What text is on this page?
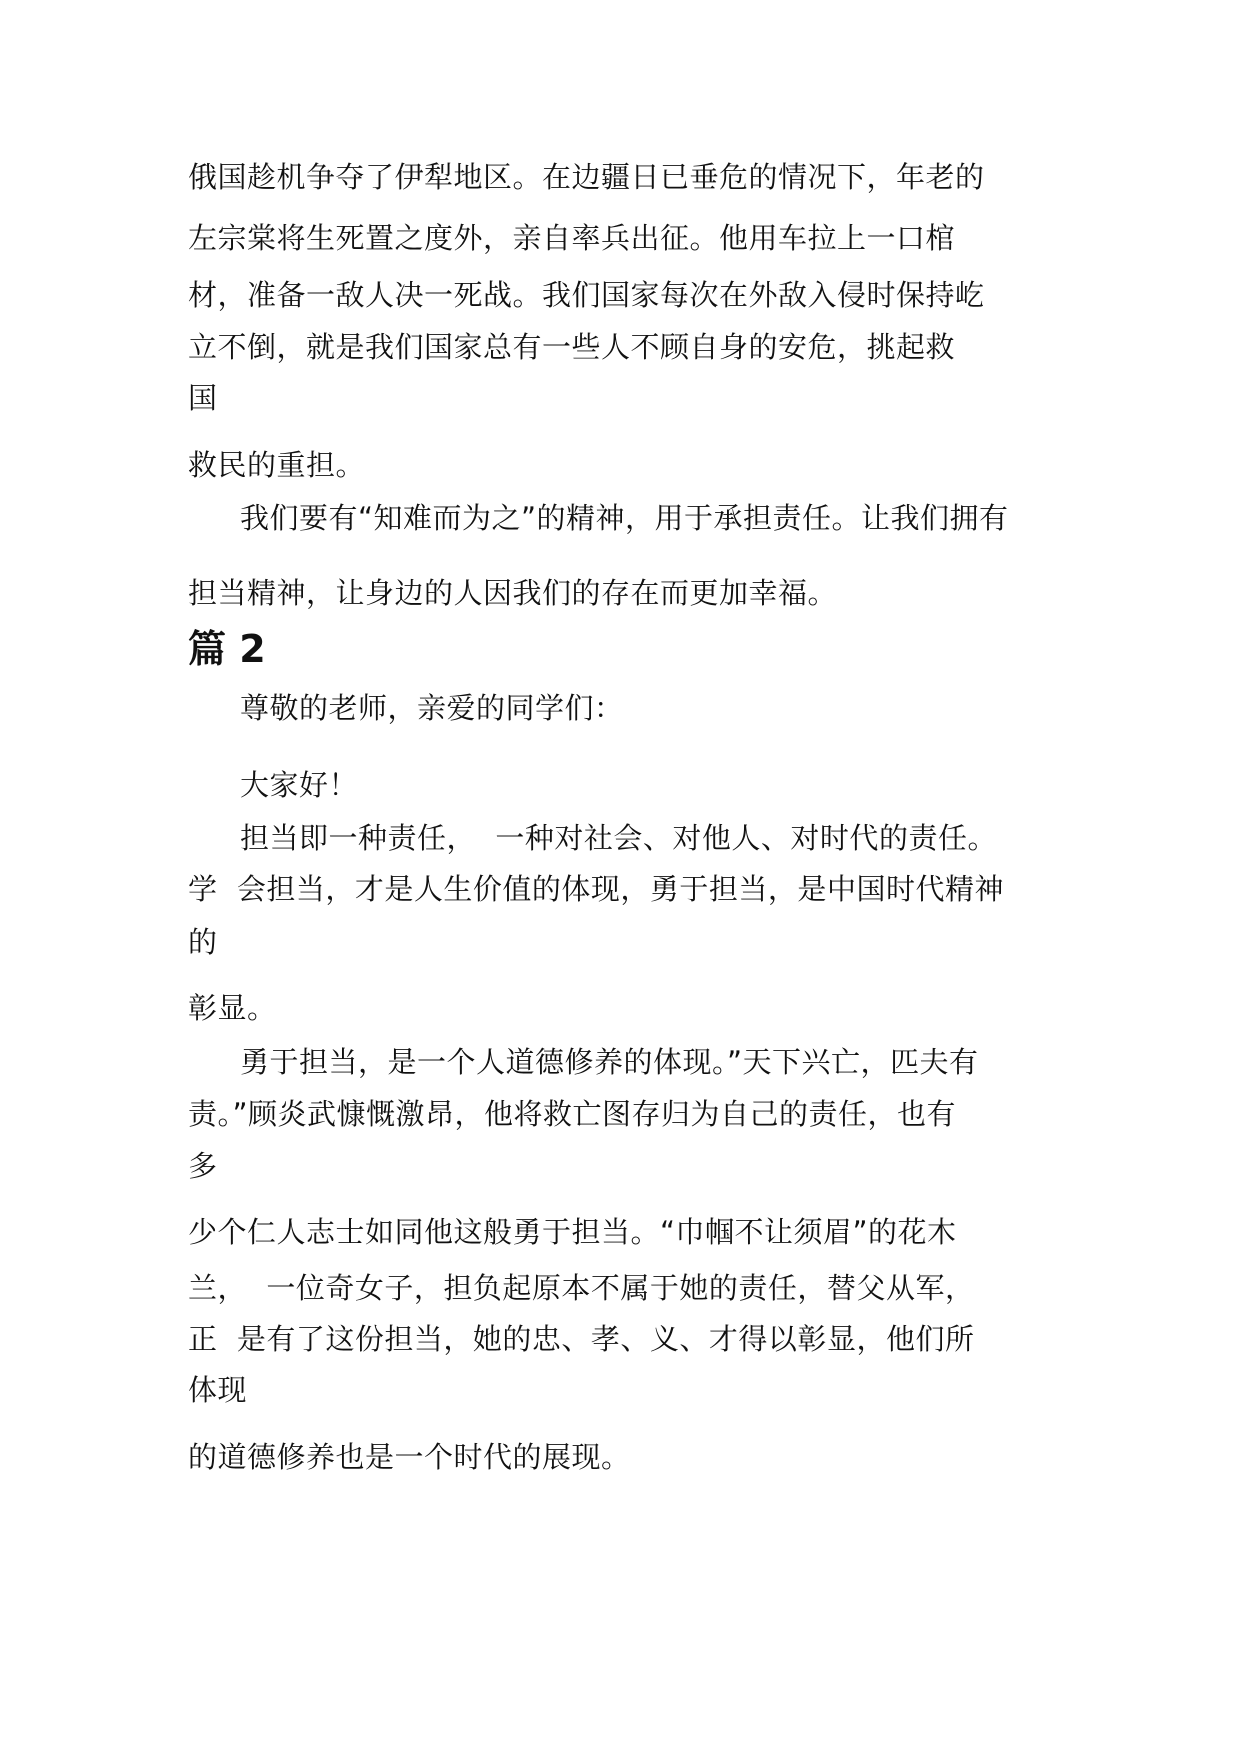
俄国趁机争夺了伊犁地区。在边疆日已垂危的情况下，年老的
左宗棠将生死置之度外，亲自率兵出征。他用车拉上一口棺
材，准备一敌人决一死战。我们国家每次在外敌入侵时保持屹
立不倒，就是我们国家总有一些人不顾自身的安危，挑起救
国
救民的重担。
我们要有“知难而为之”的精神，用于承担责任。让我们拥有
担当精神，让身边的人因我们的存在而更加幸福。
篇 2
尊敬的老师，亲爱的同学们：
大家好！
担当即一种责任，  一种对社会、对他人、对时代的责任。
学  会担当，才是人生价值的体现，勇于担当，是中国时代精神
的
彰显。
勇于担当，是一个人道德修养的体现。”天下兴亡，匹夫有
责。”顾炎武慷慨激昂，他将救亡图存归为自己的责任，也有
多
少个仁人志士如同他这般勇于担当。“巾帼不让须眉”的花木
兰，  一位奇女子，担负起原本不属于她的责任，替父从军，
正  是有了这份担当，她的忠、孝、义、才得以彰显，他们所
体现
的道德修养也是一个时代的展现。
